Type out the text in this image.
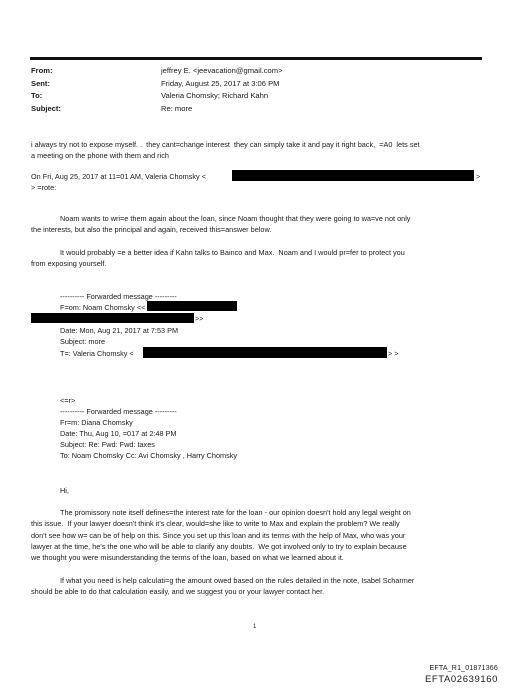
From:	jeffrey E. <jeevacation@gmail.com>
Sent:	Friday, August 25, 2017 at 3:06 PM
To:	Valeria Chomsky; Richard Kahn
Subject:	Re: more
i always try not to expose myself. .  they cant=change interest  they can simply take it and pay it right back,  =A0  lets set
a meeting on the phone with them and rich
On Fri, Aug 25, 2017 at 11=01 AM, Valeria Chomsky <	>
> =rote:
Noam wants to wri=e them again about the loan, since Noam thought that they were going to wa=ve not only
the interests, but also the principal and again, received this=answer below.
It would probably =e a better idea if Kahn talks to Bainco and Max.  Noam and I would pr=fer to protect you
from exposing yourself.
---------- Forwarded message ---------
F=om: Noam Chomsky <<
>>
Date: Mon, Aug 21, 2017 at 7:53 PM
Subject: more
T=: Valeria Chomsky <	> >
<=r>
---------- Forwarded message ---------
Fr=m: Diana Chomsky
Date: Thu, Aug 10, =017 at 2:48 PM
Subject: Re: Fwd: Fwd: taxes
To: Noam Chomsky Cc: Avi Chomsky , Harry Chomsky
Hi,
The promissory note itself defines=the interest rate for the loan - our opinion doesn't hold any legal weight on
this issue.  If your lawyer doesn't think it's clear, would=she like to write to Max and explain the problem? We really
don't see how w= can be of help on this. Since you set up this loan and its terms with the help of Max, who was your
lawyer at the time, he's the one who will be able to clarify any doubts.  We got involved only to try to explain because
we thought you were misunderstanding the terms of the loan, based on what we learned about it.
If what you need is help calculati=g the amount owed based on the rules detailed in the note, Isabel Scharmer
should be able to do that calculation easily, and we suggest you or your lawyer contact her.
1
EFTA_R1_01871366
EFTA02639160
